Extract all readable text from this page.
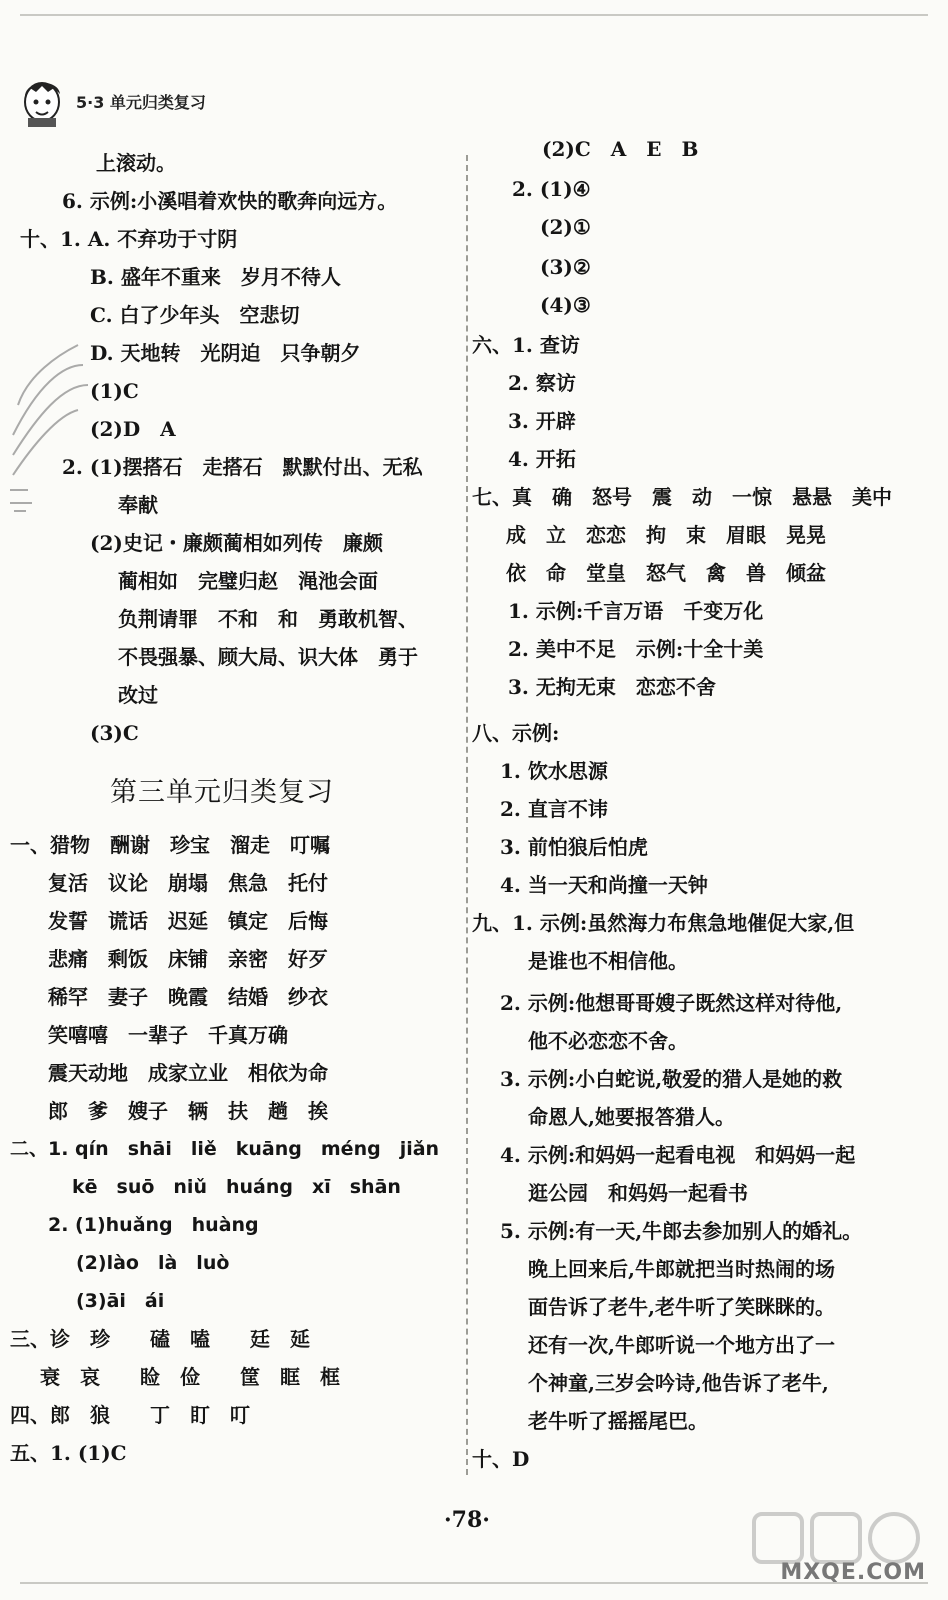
5·3 单元归类复习
上滚动。
6. 示例:小溪唱着欢快的歌奔向远方。
十、1. A. 不弃功于寸阴
B. 盛年不重来　岁月不待人
C. 白了少年头　空悲切
D. 天地转　光阴迫　只争朝夕
(1)C
(2)D　A
2. (1)摆搭石　走搭石　默默付出、无私
奉献
(2)史记・廉颇蔺相如列传　廉颇
蔺相如　完璧归赵　渑池会面
负荆请罪　不和　和　勇敢机智、
不畏强暴、顾大局、识大体　勇于
改过
(3)C
第三单元归类复习
一、猎物　酬谢　珍宝　溜走　叮嘱
复活　议论　崩塌　焦急　托付
发誓　谎话　迟延　镇定　后悔
悲痛　剩饭　床铺　亲密　好歹
稀罕　妻子　晚霞　结婚　纱衣
笑嘻嘻　一辈子　千真万确
震天动地　成家立业　相依为命
郎　爹　嫂子　辆　扶　趟　挨
二、1. qín　shāi　liě　kuāng　méng　jiǎn
kē　suō　niǔ　huáng　xī　shān
2. (1)huǎng　huàng
(2)lào　là　luò
(3)āi　ái
三、诊　珍　　磕　嗑　　廷　延
衰　哀　　睑　俭　　筐　眶　框
四、郎　狼　　丁　盯　叮
五、1. (1)C
(2)C　A　E　B
2. (1)④
(2)①
(3)②
(4)③
六、1. 查访
2. 察访
3. 开辟
4. 开拓
七、真　确　怒号　震　动　一惊　悬悬　美中
成　立　恋恋　拘　束　眉眼　晃晃
依　命　堂皇　怒气　禽　兽　倾盆
1. 示例:千言万语　千变万化
2. 美中不足　示例:十全十美
3. 无拘无束　恋恋不舍
八、示例:
1. 饮水思源
2. 直言不讳
3. 前怕狼后怕虎
4. 当一天和尚撞一天钟
九、1. 示例:虽然海力布焦急地催促大家,但
是谁也不相信他。
2. 示例:他想哥哥嫂子既然这样对待他,
他不必恋恋不舍。
3. 示例:小白蛇说,敬爱的猎人是她的救
命恩人,她要报答猎人。
4. 示例:和妈妈一起看电视　和妈妈一起
逛公园　和妈妈一起看书
5. 示例:有一天,牛郎去参加别人的婚礼。
晚上回来后,牛郎就把当时热闹的场
面告诉了老牛,老牛听了笑眯眯的。
还有一次,牛郎听说一个地方出了一
个神童,三岁会吟诗,他告诉了老牛,
老牛听了摇摇尾巴。
十、D
·78·
MXQE.COM
